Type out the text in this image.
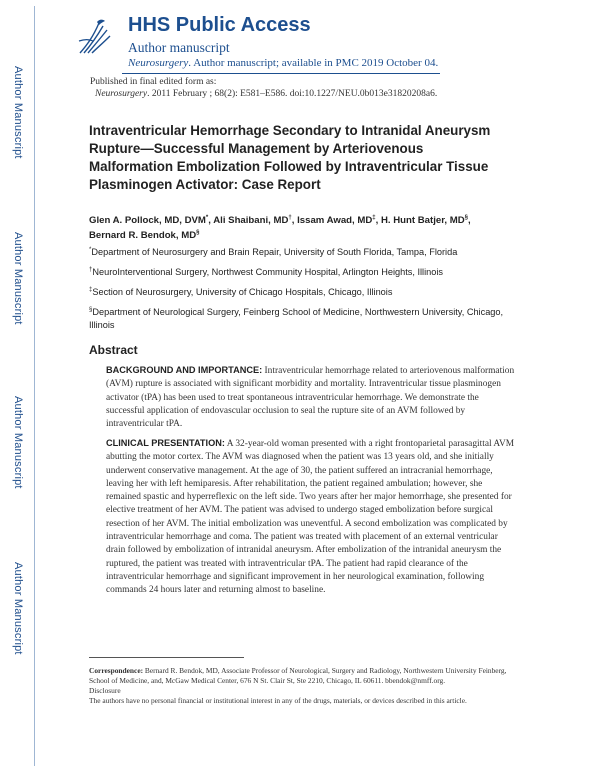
Author Manuscript
Author Manuscript
Author Manuscript
Author Manuscript
HHS Public Access
Author manuscript
Neurosurgery. Author manuscript; available in PMC 2019 October 04.
Published in final edited form as:
Neurosurgery. 2011 February ; 68(2): E581–E586. doi:10.1227/NEU.0b013e31820208a6.
Intraventricular Hemorrhage Secondary to Intranidal Aneurysm Rupture—Successful Management by Arteriovenous Malformation Embolization Followed by Intraventricular Tissue Plasminogen Activator: Case Report
Glen A. Pollock, MD, DVM*, Ali Shaibani, MD†, Issam Awad, MD‡, H. Hunt Batjer, MD§,
Bernard R. Bendok, MD§
*Department of Neurosurgery and Brain Repair, University of South Florida, Tampa, Florida
†NeuroInterventional Surgery, Northwest Community Hospital, Arlington Heights, Illinois
‡Section of Neurosurgery, University of Chicago Hospitals, Chicago, Illinois
§Department of Neurological Surgery, Feinberg School of Medicine, Northwestern University, Chicago, Illinois
Abstract
BACKGROUND AND IMPORTANCE: Intraventricular hemorrhage related to arteriovenous malformation (AVM) rupture is associated with significant morbidity and mortality. Intraventricular tissue plasminogen activator (tPA) has been used to treat spontaneous intraventricular hemorrhage. We demonstrate the successful application of endovascular occlusion to seal the rupture site of an AVM followed by intraventricular tPA.
CLINICAL PRESENTATION: A 32-year-old woman presented with a right frontoparietal parasagittal AVM abutting the motor cortex. The AVM was diagnosed when the patient was 13 years old, and she initially underwent conservative management. At the age of 30, the patient suffered an intracranial hemorrhage, leaving her with left hemiparesis. After rehabilitation, the patient regained ambulation; however, she remained spastic and hyperreflexic on the left side. Two years after her major hemorrhage, she presented for elective treatment of her AVM. The patient was advised to undergo staged embolization before surgical resection of her AVM. The initial embolization was uneventful. A second embolization was complicated by intraventricular hemorrhage and coma. The patient was treated with placement of an external ventricular drain followed by embolization of intranidal aneurysm. After embolization of the intranidal aneurysm the ruptured, the patient was treated with intraventricular tPA. The patient had rapid clearance of the intraventricular hemorrhage and significant improvement in her neurological examination, following commands 24 hours later and returning almost to baseline.
Correspondence: Bernard R. Bendok, MD, Associate Professor of Neurological, Surgery and Radiology, Northwestern University Feinberg, School of Medicine, and, McGaw Medical Center, 676 N St. Clair St, Ste 2210, Chicago, IL 60611. bbendok@nmff.org.
Disclosure
The authors have no personal financial or institutional interest in any of the drugs, materials, or devices described in this article.
